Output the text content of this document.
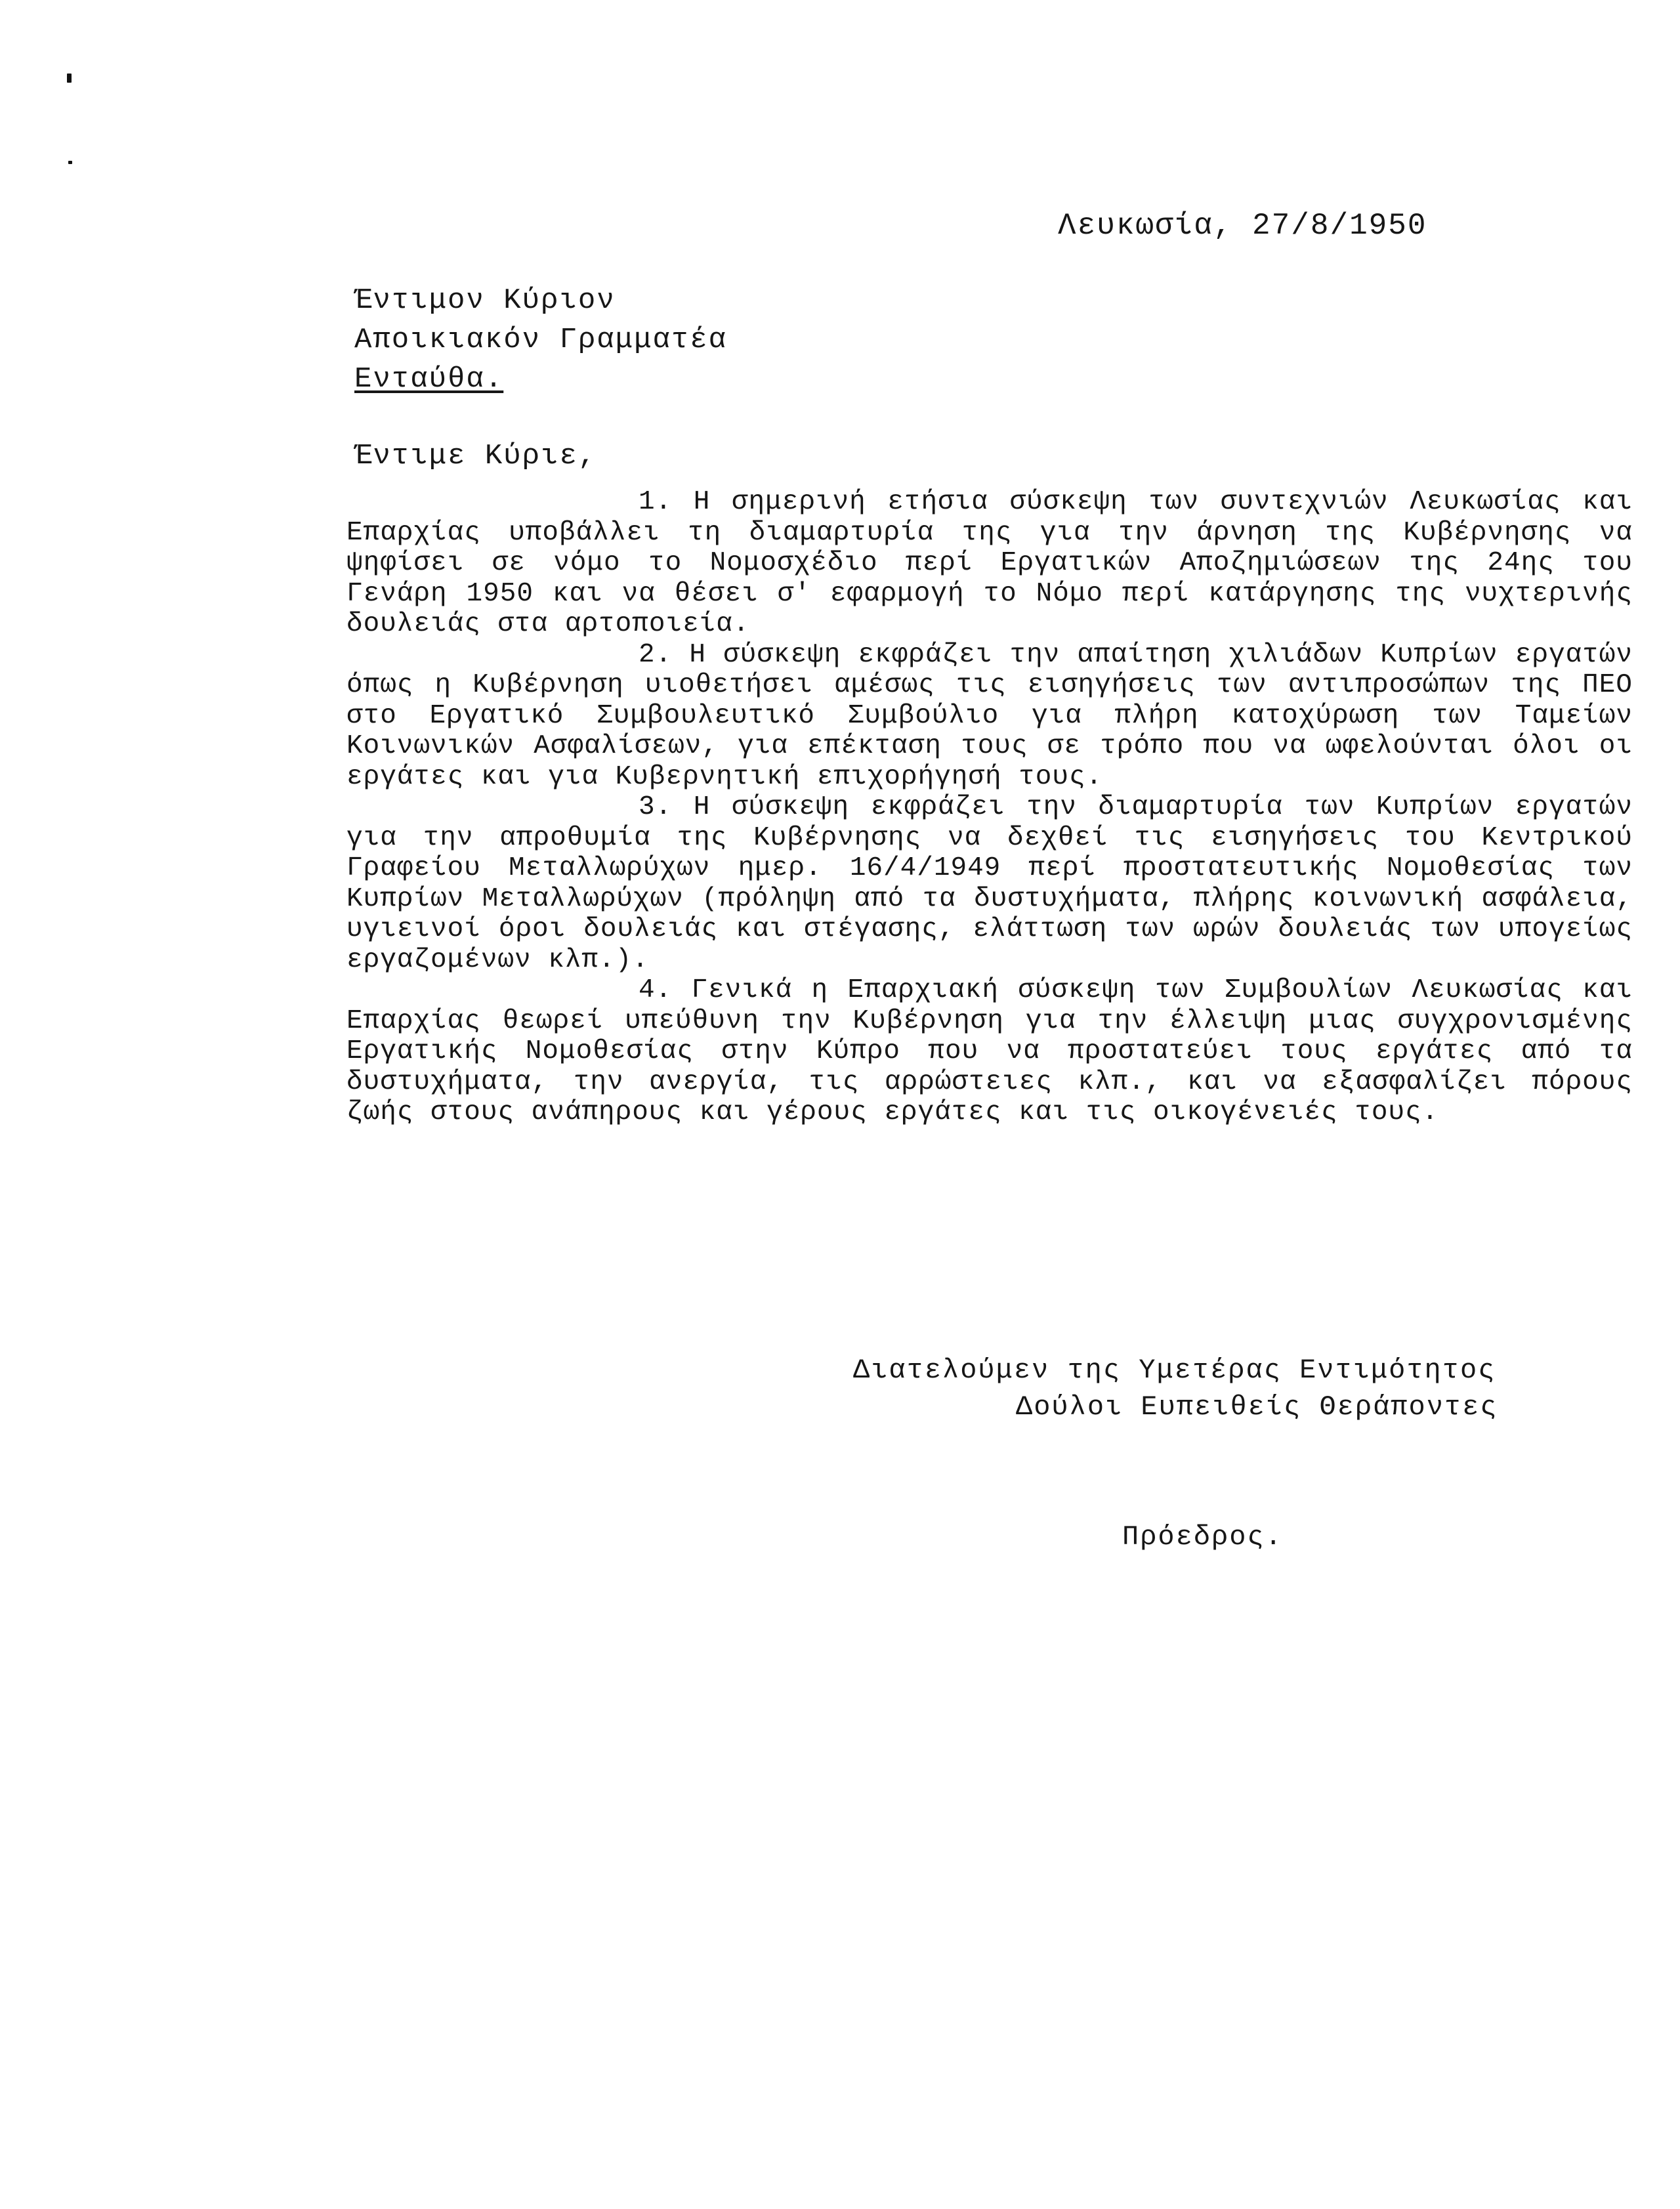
Λευκωσία, 27/8/1950
Έντιμον Κύριον
Αποικιακόν Γραμματέα
Ενταύθα.
Έντιμε Κύριε,

1. Η σημερινή ετήσια σύσκεψη των συντεχνιών Λευκωσίας και Επαρχίας υποβάλλει τη διαμαρτυρία της για την άρνηση της Κυβέρνησης να ψηφίσει σε νόμο το Νομοσχέδιο περί Εργατικών Αποζημιώσεων της 24ης του Γενάρη 1950 και να θέσει σ' εφαρμογή το Νόμο περί κατάργησης της νυχτερινής δουλειάς στα αρτοποιεία.

2. Η σύσκεψη εκφράζει την απαίτηση χιλιάδων Κυπρίων εργατών όπως η Κυβέρνηση υιοθετήσει αμέσως τις εισηγήσεις των αντιπροσώπων της ΠΕΟ στο Εργατικό Συμβουλευτικό Συμβούλιο για πλήρη κατοχύρωση των Ταμείων Κοινωνικών Ασφαλίσεων, για επέκταση τους σε τρόπο που να ωφελούνται όλοι οι εργάτες και για Κυβερνητική επιχορήγησή τους.

3. Η σύσκεψη εκφράζει την διαμαρτυρία των Κυπρίων εργατών για την απροθυμία της Κυβέρνησης να δεχθεί τις εισηγήσεις του Κεντρικού Γραφείου Μεταλλωρύχων ημερ. 16/4/1949 περί προστατευτικής Νομοθεσίας των Κυπρίων Μεταλλωρύχων (πρόληψη από τα δυστυχήματα, πλήρης κοινωνική ασφάλεια, υγιεινοί όροι δουλειάς και στέγασης, ελάττωση των ωρών δουλειάς των υπογείως εργαζομένων κλπ.).

4. Γενικά η Επαρχιακή σύσκεψη των Συμβουλίων Λευκωσίας και Επαρχίας θεωρεί υπεύθυνη την Κυβέρνηση για την έλλειψη μιας συγχρονισμένης Εργατικής Νομοθεσίας στην Κύπρο που να προστατεύει τους εργάτες από τα δυστυχήματα, την ανεργία, τις αρρώστειες κλπ., και να εξασφαλίζει πόρους ζωής στους ανάπηρους και γέρους εργάτες και τις οικογένειές τους.

Διατελούμεν της Υμετέρας Εντιμότητος
Δούλοι Ευπειθείς Θεράποντες
Πρόεδρος.
